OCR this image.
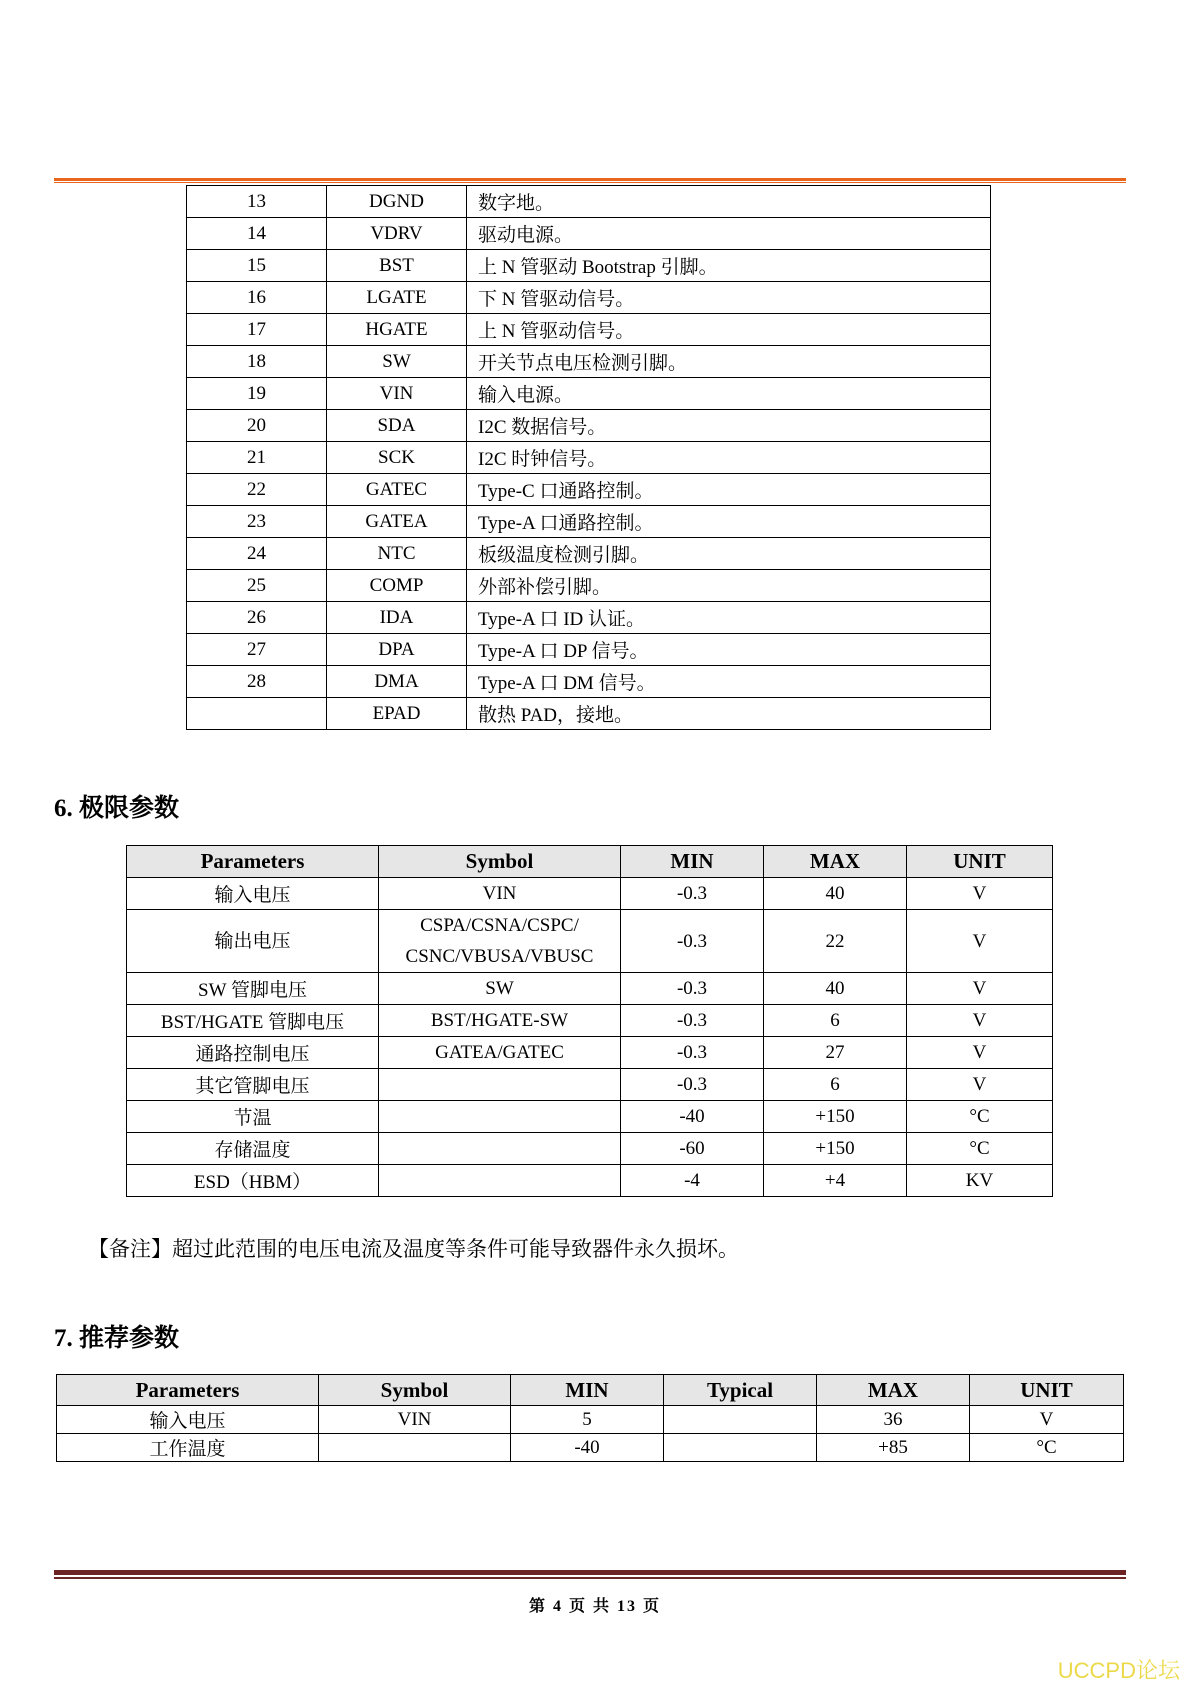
13	DGND	数字地。
14	VDRV	驱动电源。
15	BST	上 N 管驱动 Bootstrap 引脚。
16	LGATE	下 N 管驱动信号。
17	HGATE	上 N 管驱动信号。
18	SW	开关节点电压检测引脚。
19	VIN	输入电源。
20	SDA	I2C 数据信号。
21	SCK	I2C 时钟信号。
22	GATEC	Type-C 口通路控制。
23	GATEA	Type-A 口通路控制。
24	NTC	板级温度检测引脚。
25	COMP	外部补偿引脚。
26	IDA	Type-A 口 ID 认证。
27	DPA	Type-A 口 DP 信号。
28	DMA	Type-A 口 DM 信号。
	EPAD	散热 PAD，接地。
6. 极限参数
Parameters	Symbol	MIN	MAX	UNIT
输入电压	VIN	-0.3	40	V
输出电压	CSPA/CSNA/CSPC/
CSNC/VBUSA/VBUSC	-0.3	22	V
SW 管脚电压	SW	-0.3	40	V
BST/HGATE 管脚电压	BST/HGATE-SW	-0.3	6	V
通路控制电压	GATEA/GATEC	-0.3	27	V
其它管脚电压		-0.3	6	V
节温		-40	+150	°C
存储温度		-60	+150	°C
ESD（HBM）		-4	+4	KV
【备注】超过此范围的电压电流及温度等条件可能导致器件永久损坏。
7. 推荐参数
Parameters	Symbol	MIN	Typical	MAX	UNIT
输入电压	VIN	5		36	V
工作温度		-40		+85	°C
第 4 页 共 13 页
UCCPD论坛
